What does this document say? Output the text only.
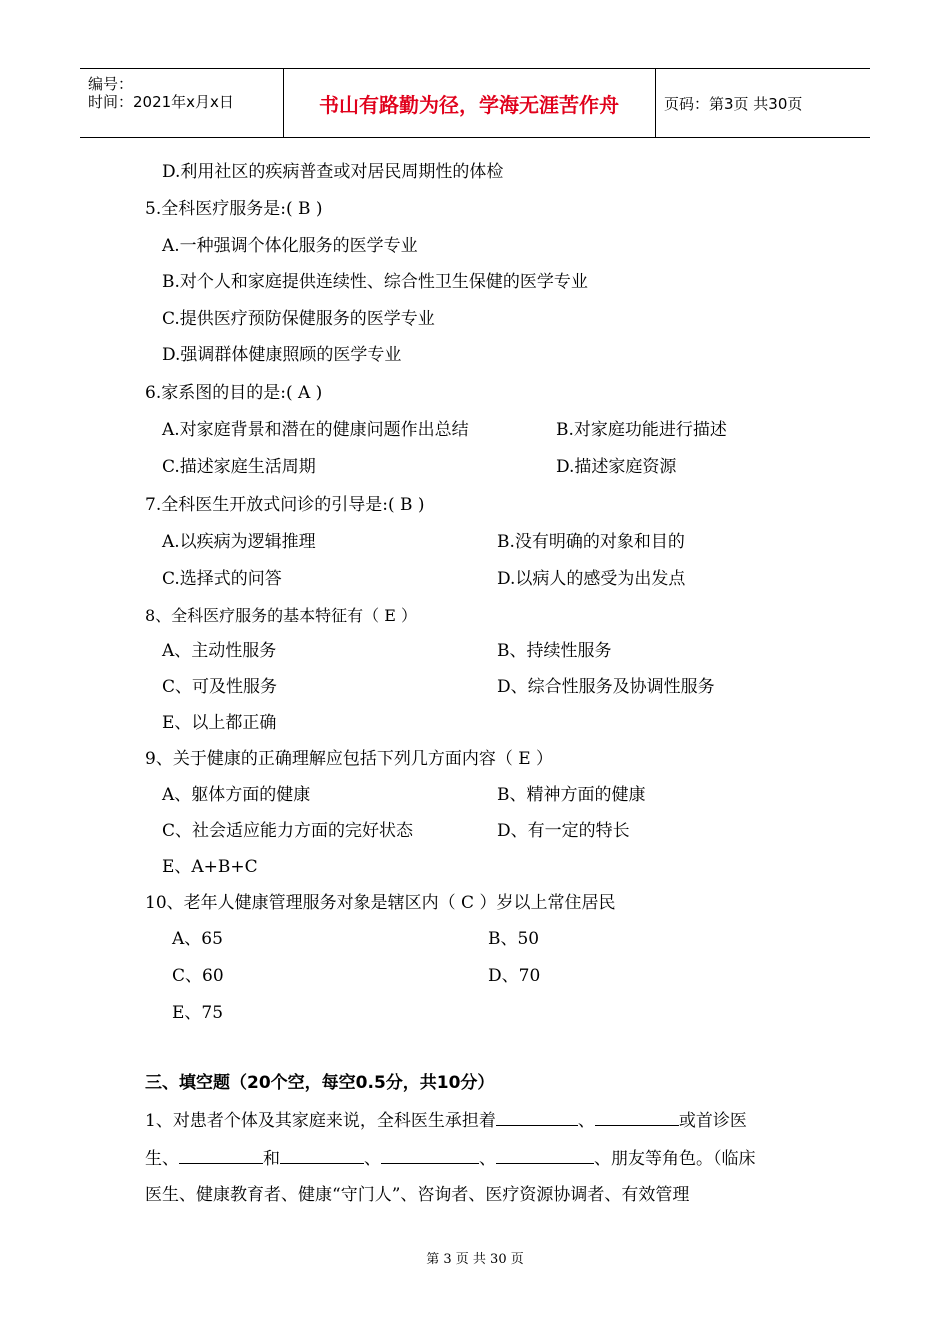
编号：
时间：2021年x月x日	书山有路勤为径，学海无涯苦作舟	页码：第3页 共30页
D.利用社区的疾病普查或对居民周期性的体检
5.全科医疗服务是:( B )
A.一种强调个体化服务的医学专业
B.对个人和家庭提供连续性、综合性卫生保健的医学专业
C.提供医疗预防保健服务的医学专业
D.强调群体健康照顾的医学专业
6.家系图的目的是:( A )
A.对家庭背景和潜在的健康问题作出总结	B.对家庭功能进行描述
C.描述家庭生活周期	D.描述家庭资源
7.全科医生开放式问诊的引导是:( B )
A.以疾病为逻辑推理	B.没有明确的对象和目的
C.选择式的问答	D.以病人的感受为出发点
8、全科医疗服务的基本特征有（ E ）
A、主动性服务	B、持续性服务
C、可及性服务	D、综合性服务及协调性服务
E、以上都正确
9、关于健康的正确理解应包括下列几方面内容（ E ）
A、躯体方面的健康	B、精神方面的健康
C、社会适应能力方面的完好状态	D、有一定的特长
E、A+B+C
10、老年人健康管理服务对象是辖区内（ C ）岁以上常住居民
A、65	B、50
C、60	D、70
E、75
三、填空题（20个空，每空0.5分，共10分）
1、对患者个体及其家庭来说，全科医生承担着	、	或首诊医
生、	和	、	、	、朋友等角色。（临床
医生、健康教育者、健康“守门人”、咨询者、医疗资源协调者、有效管理
第 3 页 共 30 页
